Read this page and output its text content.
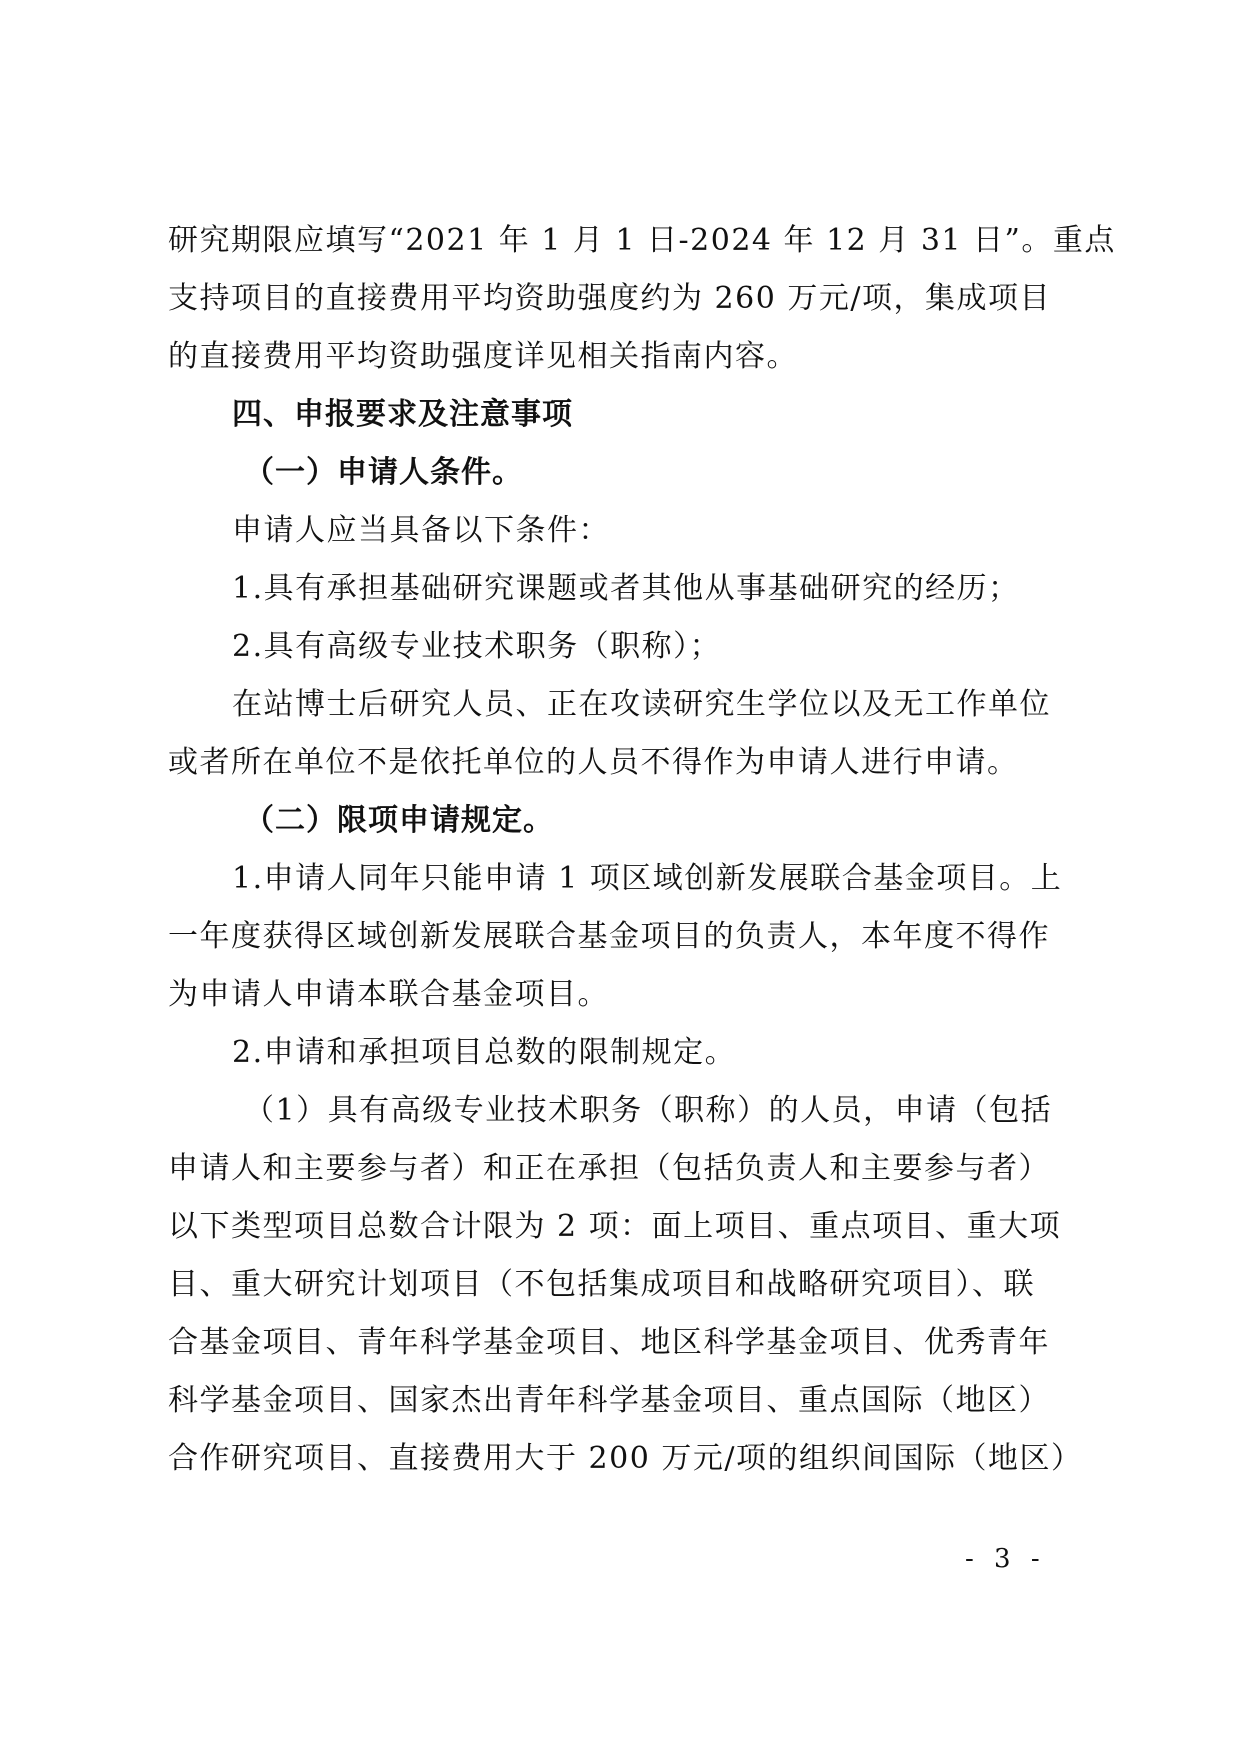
研究期限应填写“2021 年 1 月 1 日-2024 年 12 月 31 日”。重点
支持项目的直接费用平均资助强度约为 260 万元/项，集成项目
的直接费用平均资助强度详见相关指南内容。
四、申报要求及注意事项
（一）申请人条件。
申请人应当具备以下条件：
1.具有承担基础研究课题或者其他从事基础研究的经历；
2.具有高级专业技术职务（职称）；
在站博士后研究人员、正在攻读研究生学位以及无工作单位
或者所在单位不是依托单位的人员不得作为申请人进行申请。
（二）限项申请规定。
1.申请人同年只能申请 1 项区域创新发展联合基金项目。上
一年度获得区域创新发展联合基金项目的负责人，本年度不得作
为申请人申请本联合基金项目。
2.申请和承担项目总数的限制规定。
（1）具有高级专业技术职务（职称）的人员，申请（包括
申请人和主要参与者）和正在承担（包括负责人和主要参与者）
以下类型项目总数合计限为 2 项：面上项目、重点项目、重大项
目、重大研究计划项目（不包括集成项目和战略研究项目）、联
合基金项目、青年科学基金项目、地区科学基金项目、优秀青年
科学基金项目、国家杰出青年科学基金项目、重点国际（地区）
合作研究项目、直接费用大于 200 万元/项的组织间国际（地区）
- 3 -
